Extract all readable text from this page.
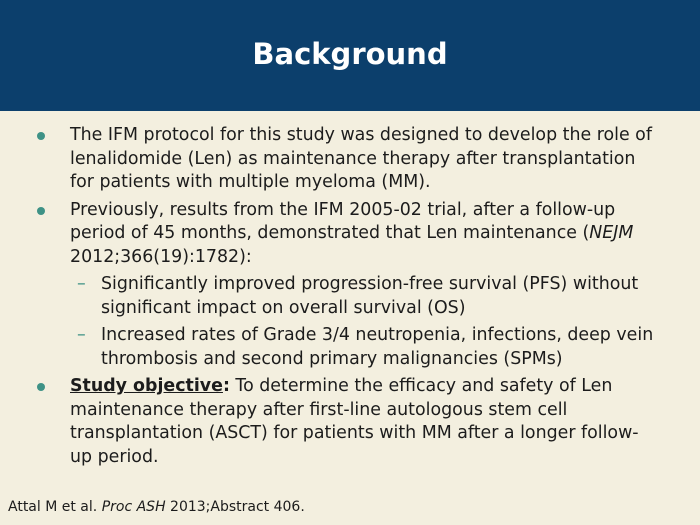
Background
The IFM protocol for this study was designed to develop the role of lenalidomide (Len) as maintenance therapy after transplantation for patients with multiple myeloma (MM).
Previously, results from the IFM 2005-02 trial, after a follow-up period of 45 months, demonstrated that Len maintenance (NEJM 2012;366(19):1782):
– Significantly improved progression-free survival (PFS) without significant impact on overall survival (OS)
– Increased rates of Grade 3/4 neutropenia, infections, deep vein thrombosis and second primary malignancies (SPMs)
Study objective: To determine the efficacy and safety of Len maintenance therapy after first-line autologous stem cell transplantation (ASCT) for patients with MM after a longer follow-up period.
Attal M et al. Proc ASH 2013;Abstract 406.
